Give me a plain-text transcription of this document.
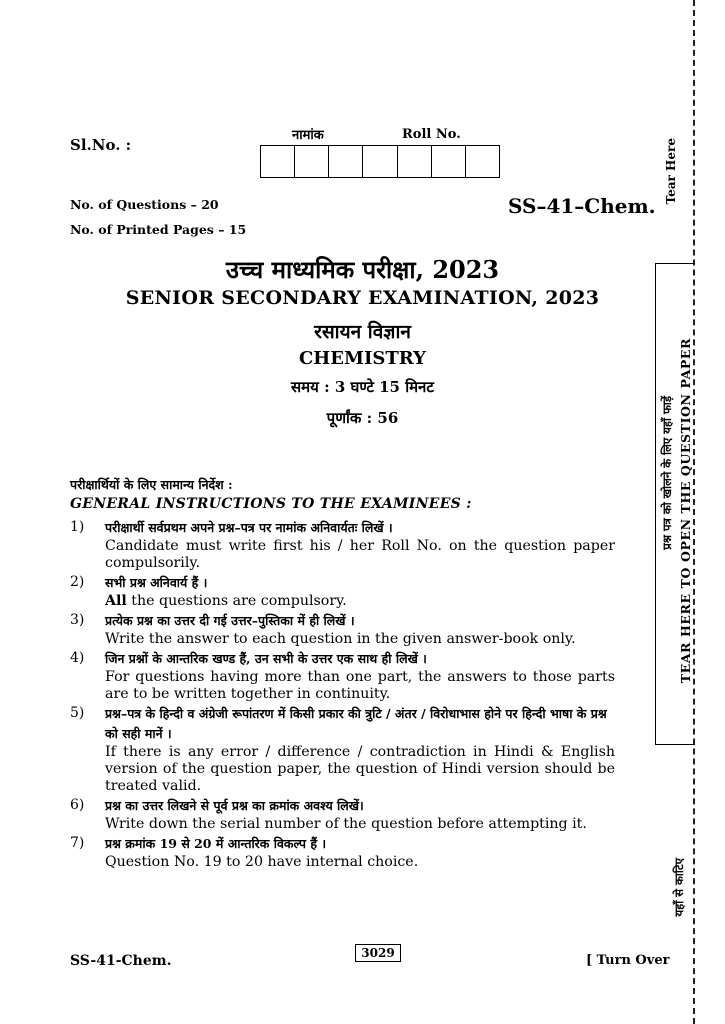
Sl.No. :
नामांक	Roll No.
No. of Questions – 20
No. of Printed Pages – 15
SS–41–Chem.
उच्च माध्यमिक परीक्षा, 2023
SENIOR SECONDARY EXAMINATION, 2023
रसायन विज्ञान
CHEMISTRY
समय : 3 घण्टे 15 मिनट
पूर्णांक : 56
परीक्षार्थियों के लिए सामान्य निर्देश :
GENERAL INSTRUCTIONS TO THE EXAMINEES :
1)	परीक्षार्थी सर्वप्रथम अपने प्रश्न–पत्र पर नामांक अनिवार्यतः लिखें ।
Candidate must write first his / her Roll No. on the question paper compulsorily.
2)	सभी प्रश्न अनिवार्य हैं ।
All the questions are compulsory.
3)	प्रत्येक प्रश्न का उत्तर दी गई उत्तर–पुस्तिका में ही लिखें ।
Write the answer to each question in the given answer-book only.
4)	जिन प्रश्नों के आन्तरिक खण्ड हैं, उन सभी के उत्तर एक साथ ही लिखें ।
For questions having more than one part, the answers to those parts are to be written together in continuity.
5)	प्रश्न–पत्र के हिन्दी व अंग्रेजी रूपांतरण में किसी प्रकार की त्रुटि / अंतर / विरोधाभास होने पर हिन्दी भाषा के प्रश्न को सही मानें ।
If there is any error / difference / contradiction in Hindi & English version of the question paper, the question of Hindi version should be treated valid.
6)	प्रश्न का उत्तर लिखने से पूर्व प्रश्न का क्रमांक अवश्य लिखें।
Write down the serial number of the question before attempting it.
7)	प्रश्न क्रमांक 19 से 20 में आन्तरिक विकल्प हैं ।
Question No. 19 to 20 have internal choice.
SS-41-Chem.	3029	[ Turn Over
Tear Here
TEAR HERE TO OPEN THE QUESTION PAPER
प्रश्न पत्र को खोलने के लिए यहाँ फाड़ें
यहाँ से काटिए
